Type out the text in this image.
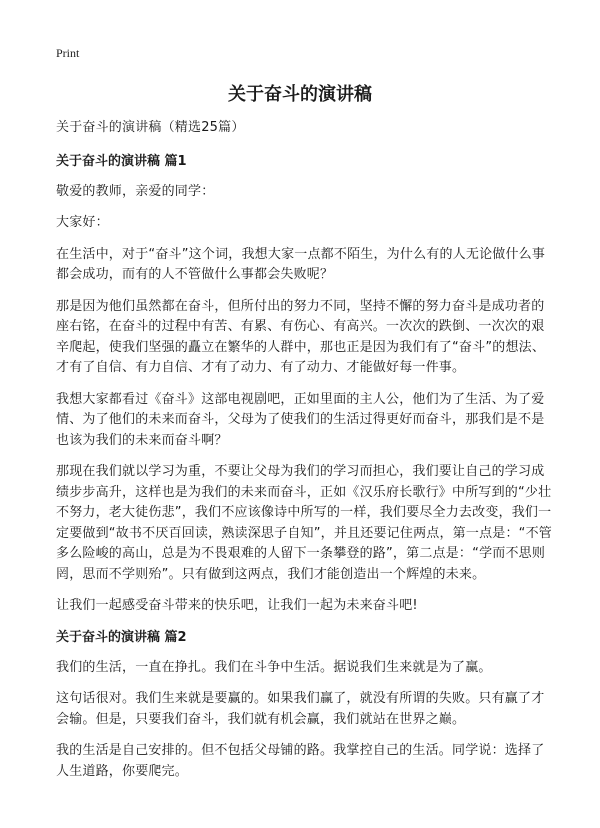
Print
关于奋斗的演讲稿

关于奋斗的演讲稿（精选25篇）

关于奋斗的演讲稿 篇1

敬爱的教师，亲爱的同学：

大家好：

在生活中，对于“奋斗”这个词，我想大家一点都不陌生，为什么有的人无论做什么事都会成功，而有的人不管做什么事都会失败呢？

那是因为他们虽然都在奋斗，但所付出的努力不同，坚持不懈的努力奋斗是成功者的座右铭，在奋斗的过程中有苦、有累、有伤心、有高兴。一次次的跌倒、一次次的艰辛爬起，使我们坚强的矗立在繁华的人群中，那也正是因为我们有了“奋斗”的想法、才有了自信、有力自信、才有了动力、有了动力、才能做好每一件事。

我想大家都看过《奋斗》这部电视剧吧，正如里面的主人公，他们为了生活、为了爱情、为了他们的未来而奋斗，父母为了使我们的生活过得更好而奋斗，那我们是不是也该为我们的未来而奋斗啊？

那现在我们就以学习为重，不要让父母为我们的学习而担心，我们要让自己的学习成绩步步高升，这样也是为我们的未来而奋斗，正如《汉乐府长歌行》中所写到的“少壮不努力，老大徒伤悲”，我们不应该像诗中所写的一样，我们要尽全力去改变，我们一定要做到“故书不厌百回读，熟读深思子自知”，并且还要记住两点，第一点是：“不管多么险峻的高山，总是为不畏艰难的人留下一条攀登的路”，第二点是：“学而不思则罔，思而不学则殆”。只有做到这两点，我们才能创造出一个辉煌的未来。

让我们一起感受奋斗带来的快乐吧，让我们一起为未来奋斗吧!

关于奋斗的演讲稿 篇2

我们的生活，一直在挣扎。我们在斗争中生活。据说我们生来就是为了赢。

这句话很对。我们生来就是要赢的。如果我们赢了，就没有所谓的失败。只有赢了才会输。但是，只要我们奋斗，我们就有机会赢，我们就站在世界之巅。

我的生活是自己安排的。但不包括父母铺的路。我掌控自己的生活。同学说：选择了人生道路，你要爬完。
